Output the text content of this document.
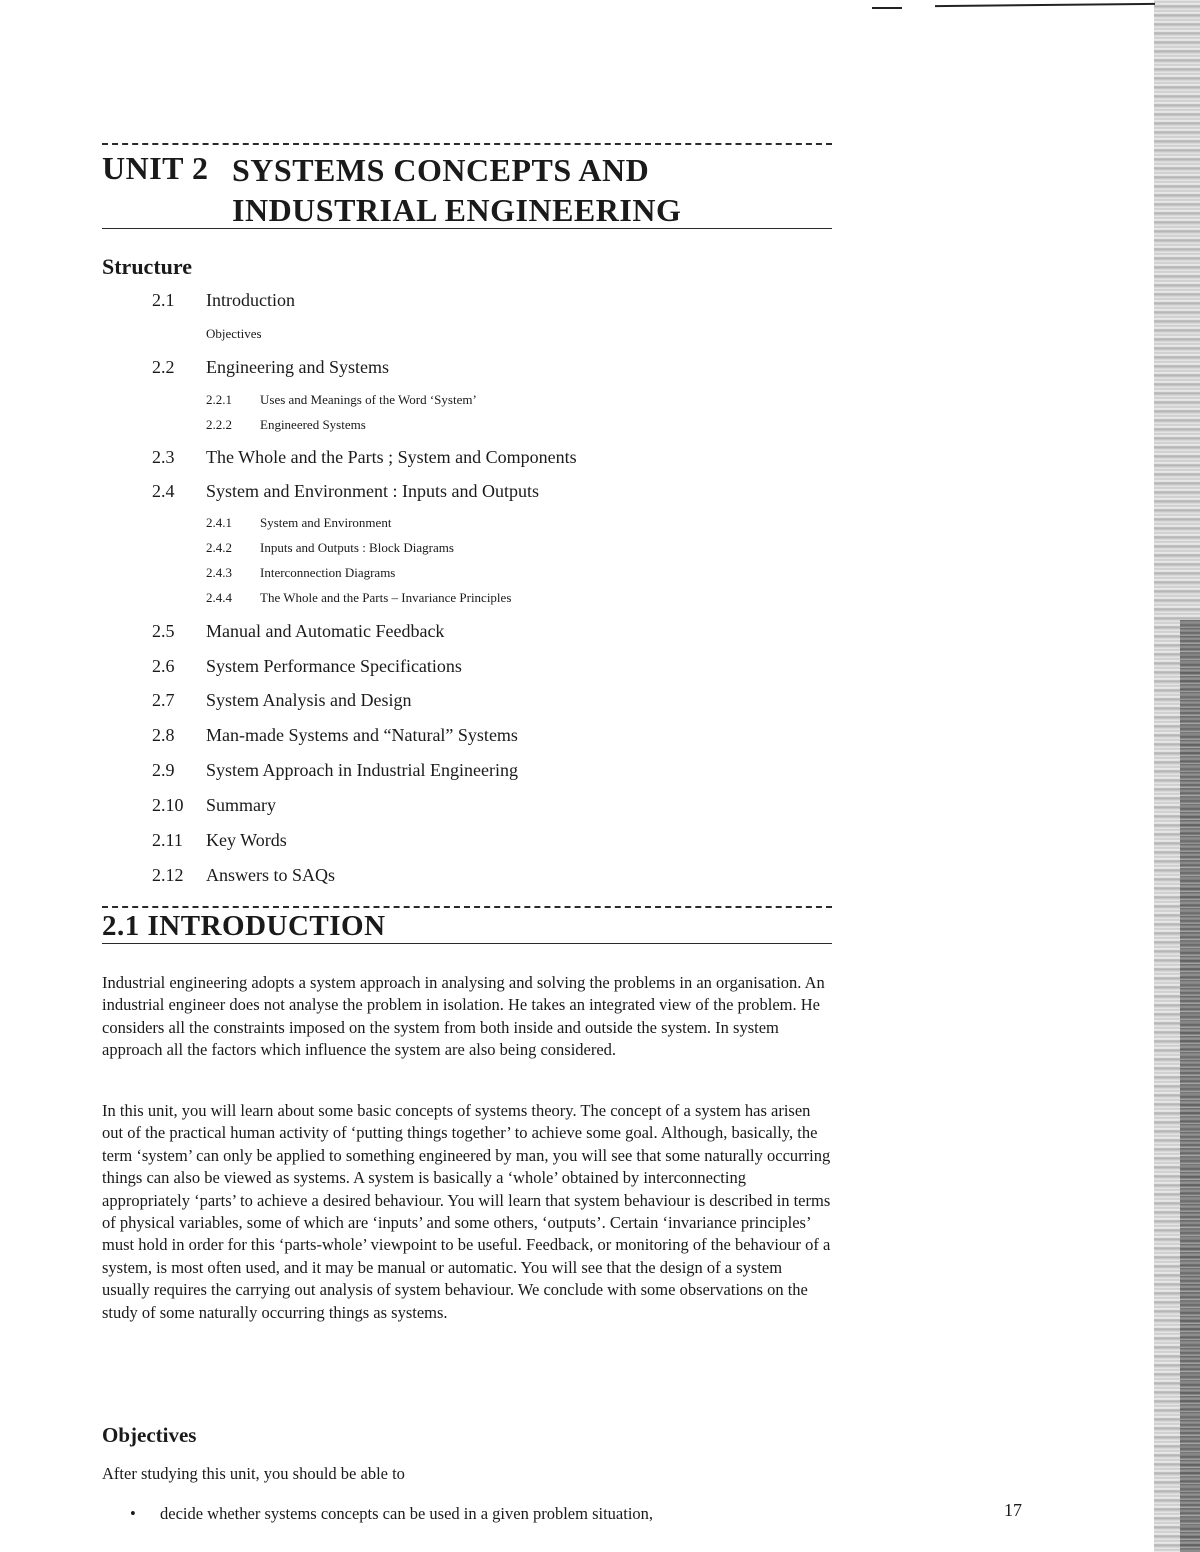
UNIT 2 SYSTEMS CONCEPTS AND
INDUSTRIAL ENGINEERING
Structure
2.1 Introduction
Objectives
2.2 Engineering and Systems
2.2.1 Uses and Meanings of the Word ‘System’
2.2.2 Engineered Systems
2.3 The Whole and the Parts ; System and Components
2.4 System and Environment : Inputs and Outputs
2.4.1 System and Environment
2.4.2 Inputs and Outputs : Block Diagrams
2.4.3 Interconnection Diagrams
2.4.4 The Whole and the Parts – Invariance Principles
2.5 Manual and Automatic Feedback
2.6 System Performance Specifications
2.7 System Analysis and Design
2.8 Man-made Systems and “Natural” Systems
2.9 System Approach in Industrial Engineering
2.10 Summary
2.11 Key Words
2.12 Answers to SAQs
2.1 INTRODUCTION
Industrial engineering adopts a system approach in analysing and solving the problems in an organisation. An industrial engineer does not analyse the problem in isolation. He takes an integrated view of the problem. He considers all the constraints imposed on the system from both inside and outside the system. In system approach all the factors which influence the system are also being considered.
In this unit, you will learn about some basic concepts of systems theory. The concept of a system has arisen out of the practical human activity of ‘putting things together’ to achieve some goal. Although, basically, the term ‘system’ can only be applied to something engineered by man, you will see that some naturally occurring things can also be viewed as systems. A system is basically a ‘whole’ obtained by interconnecting appropriately ‘parts’ to achieve a desired behaviour. You will learn that system behaviour is described in terms of physical variables, some of which are ‘inputs’ and some others, ‘outputs’. Certain ‘invariance principles’ must hold in order for this ‘parts-whole’ viewpoint to be useful. Feedback, or monitoring of the behaviour of a system, is most often used, and it may be manual or automatic. You will see that the design of a system usually requires the carrying out analysis of system behaviour. We conclude with some observations on the study of some naturally occurring things as systems.
Objectives
After studying this unit, you should be able to
• decide whether systems concepts can be used in a given problem situation,	17
